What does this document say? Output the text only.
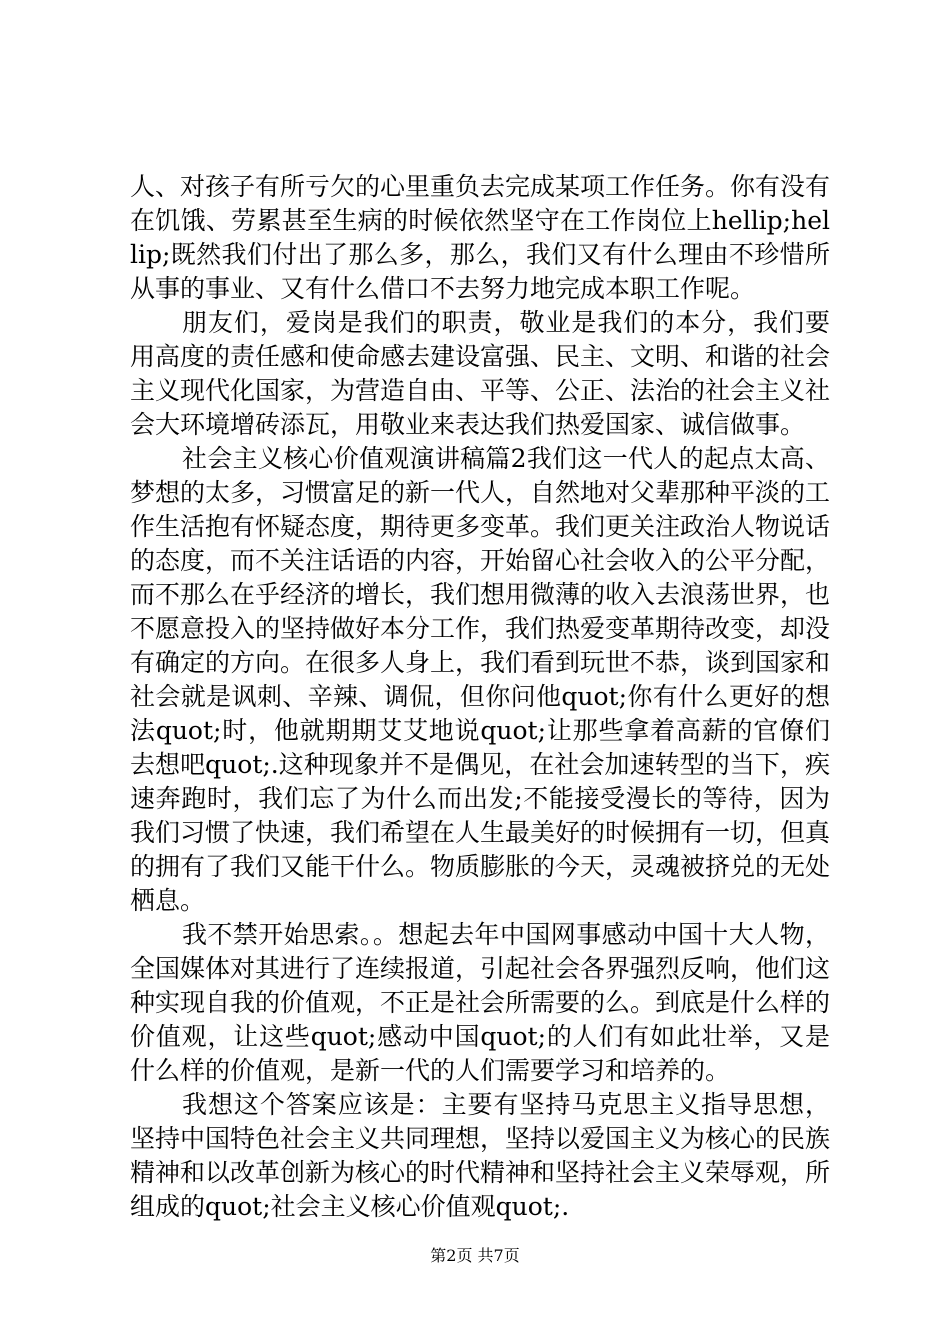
人、对孩子有所亏欠的心里重负去完成某项工作任务。你有没有在饥饿、劳累甚至生病的时候依然坚守在工作岗位上hellip;hellip;既然我们付出了那么多，那么，我们又有什么理由不珍惜所从事的事业、又有什么借口不去努力地完成本职工作呢。

朋友们，爱岗是我们的职责，敬业是我们的本分，我们要用高度的责任感和使命感去建设富强、民主、文明、和谐的社会主义现代化国家，为营造自由、平等、公正、法治的社会主义社会大环境增砖添瓦，用敬业来表达我们热爱国家、诚信做事。

社会主义核心价值观演讲稿篇2我们这一代人的起点太高、梦想的太多，习惯富足的新一代人，自然地对父辈那种平淡的工作生活抱有怀疑态度，期待更多变革。我们更关注政治人物说话的态度，而不关注话语的内容，开始留心社会收入的公平分配，而不那么在乎经济的增长，我们想用微薄的收入去浪荡世界，也不愿意投入的坚持做好本分工作，我们热爱变革期待改变，却没有确定的方向。在很多人身上，我们看到玩世不恭，谈到国家和社会就是讽刺、辛辣、调侃，但你问他quot;你有什么更好的想法quot;时，他就期期艾艾地说quot;让那些拿着高薪的官僚们去想吧quot;.这种现象并不是偶见，在社会加速转型的当下，疾速奔跑时，我们忘了为什么而出发;不能接受漫长的等待，因为我们习惯了快速，我们希望在人生最美好的时候拥有一切，但真的拥有了我们又能干什么。物质膨胀的今天，灵魂被挤兑的无处栖息。

我不禁开始思索。。想起去年中国网事感动中国十大人物，全国媒体对其进行了连续报道，引起社会各界强烈反响，他们这种实现自我的价值观，不正是社会所需要的么。到底是什么样的价值观，让这些quot;感动中国quot;的人们有如此壮举，又是什么样的价值观，是新一代的人们需要学习和培养的。

我想这个答案应该是：主要有坚持马克思主义指导思想，坚持中国特色社会主义共同理想，坚持以爱国主义为核心的民族精神和以改革创新为核心的时代精神和坚持社会主义荣辱观，所组成的quot;社会主义核心价值观quot;.

第2页 共7页
